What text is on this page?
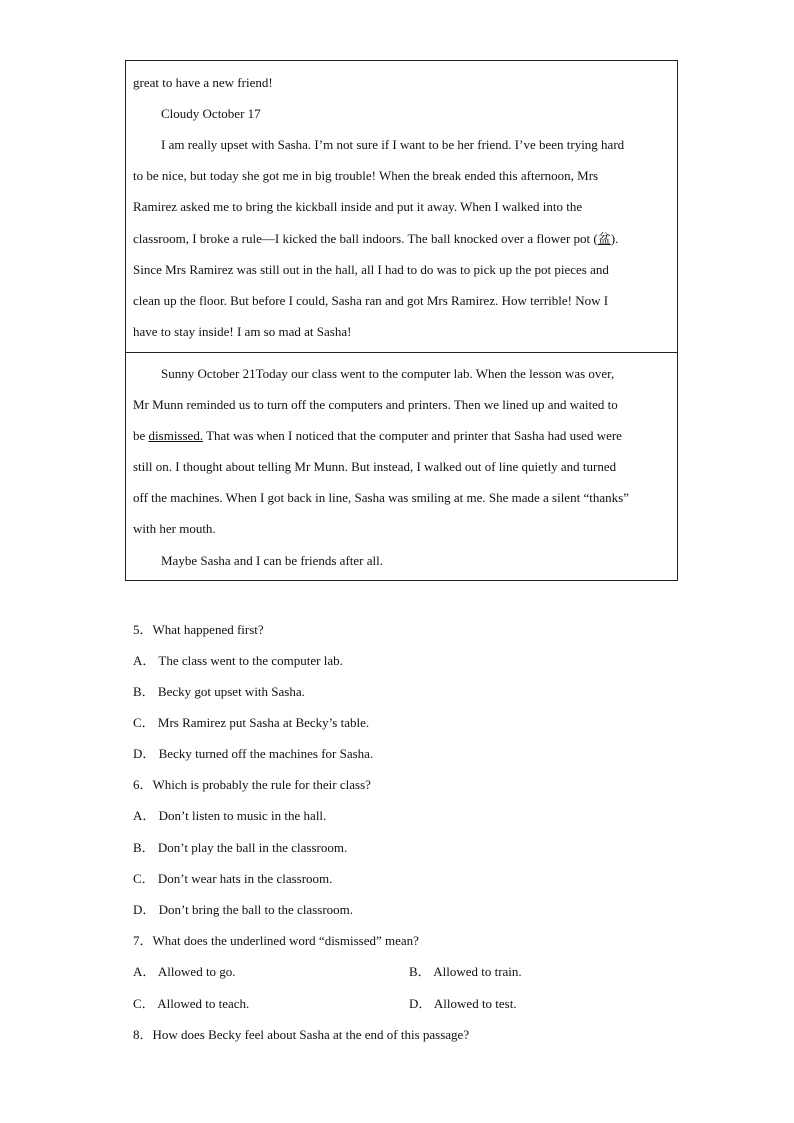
great to have a new friend!
Cloudy October 17
I am really upset with Sasha. I’m not sure if I want to be her friend. I’ve been trying hard
to be nice, but today she got me in big trouble! When the break ended this afternoon, Mrs
Ramirez asked me to bring the kickball inside and put it away. When I walked into the
classroom, I broke a rule—I kicked the ball indoors. The ball knocked over a flower pot (盆).
Since Mrs Ramirez was still out in the hall, all I had to do was to pick up the pot pieces and
clean up the floor. But before I could, Sasha ran and got Mrs Ramirez. How terrible! Now I
have to stay inside! I am so mad at Sasha!
Sunny October 21Today our class went to the computer lab. When the lesson was over,
Mr Munn reminded us to turn off the computers and printers. Then we lined up and waited to
be dismissed. That was when I noticed that the computer and printer that Sasha had used were
still on. I thought about telling Mr Munn. But instead, I walked out of line quietly and turned
off the machines. When I got back in line, Sasha was smiling at me. She made a silent “thanks”
with her mouth.
Maybe Sasha and I can be friends after all.
5．What happened first?
A． The class went to the computer lab.
B． Becky got upset with Sasha.
C． Mrs Ramirez put Sasha at Becky’s table.
D． Becky turned off the machines for Sasha.
6．Which is probably the rule for their class?
A． Don’t listen to music in the hall.
B． Don’t play the ball in the classroom.
C． Don’t wear hats in the classroom.
D． Don’t bring the ball to the classroom.
7．What does the underlined word “dismissed” mean?
A． Allowed to go.	B． Allowed to train.
C． Allowed to teach.	D． Allowed to test.
8．How does Becky feel about Sasha at the end of this passage?
